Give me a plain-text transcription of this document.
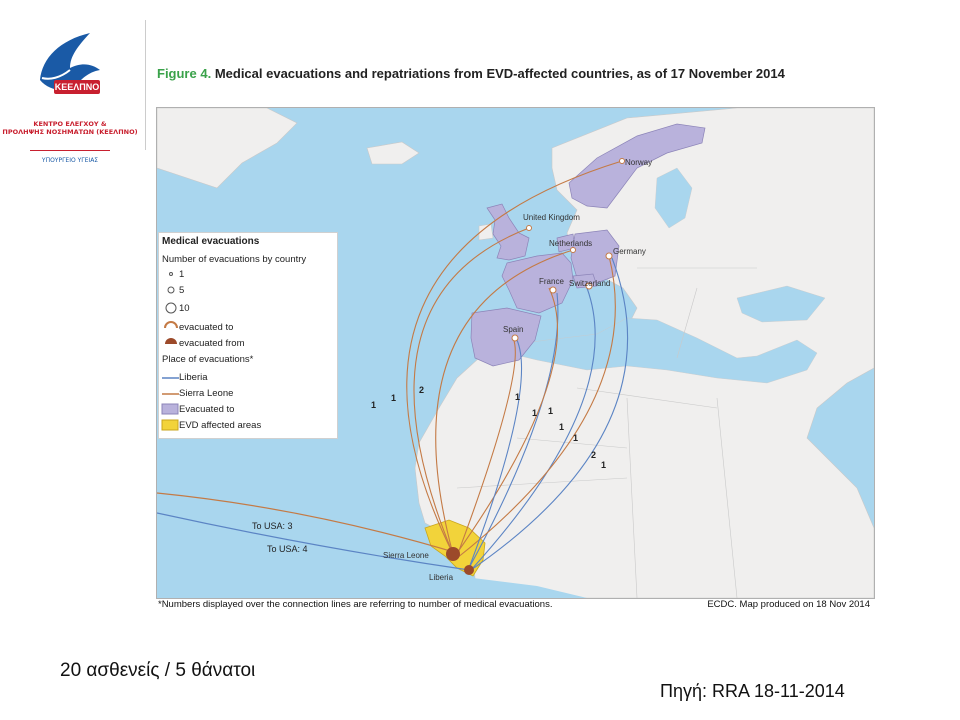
ΚΕΕΛΠΝΟ
ΚΕΝΤΡΟ ΕΛΕΓΧΟΥ &
ΠΡΟΛΗΨΗΣ ΝΟΣΗΜΑΤΩΝ (ΚΕΕΛΠΝΟ)
ΥΠΟΥΡΓΕΙΟ ΥΓΕΙΑΣ
Figure 4. Medical evacuations and repatriations from EVD-affected countries, as of 17 November 2014
Norway
United Kingdom
Netherlands
Germany
France Switzerland
Spain
Sierra Leone
Liberia
To USA: 3
To USA: 4
1
1
2
1
1 1
1
1
2
1
Medical evacuations
Number of evacuations by country
1
5
10
evacuated to
evacuated from
Place of evacuations*
Liberia
Sierra Leone
Evacuated to
EVD affected areas
*Numbers displayed over the connection lines are referring to number of medical evacuations.	ECDC. Map produced on 18 Nov 2014
20 ασθενείς / 5 θάνατοι
Πηγή: RRA 18-11-2014
